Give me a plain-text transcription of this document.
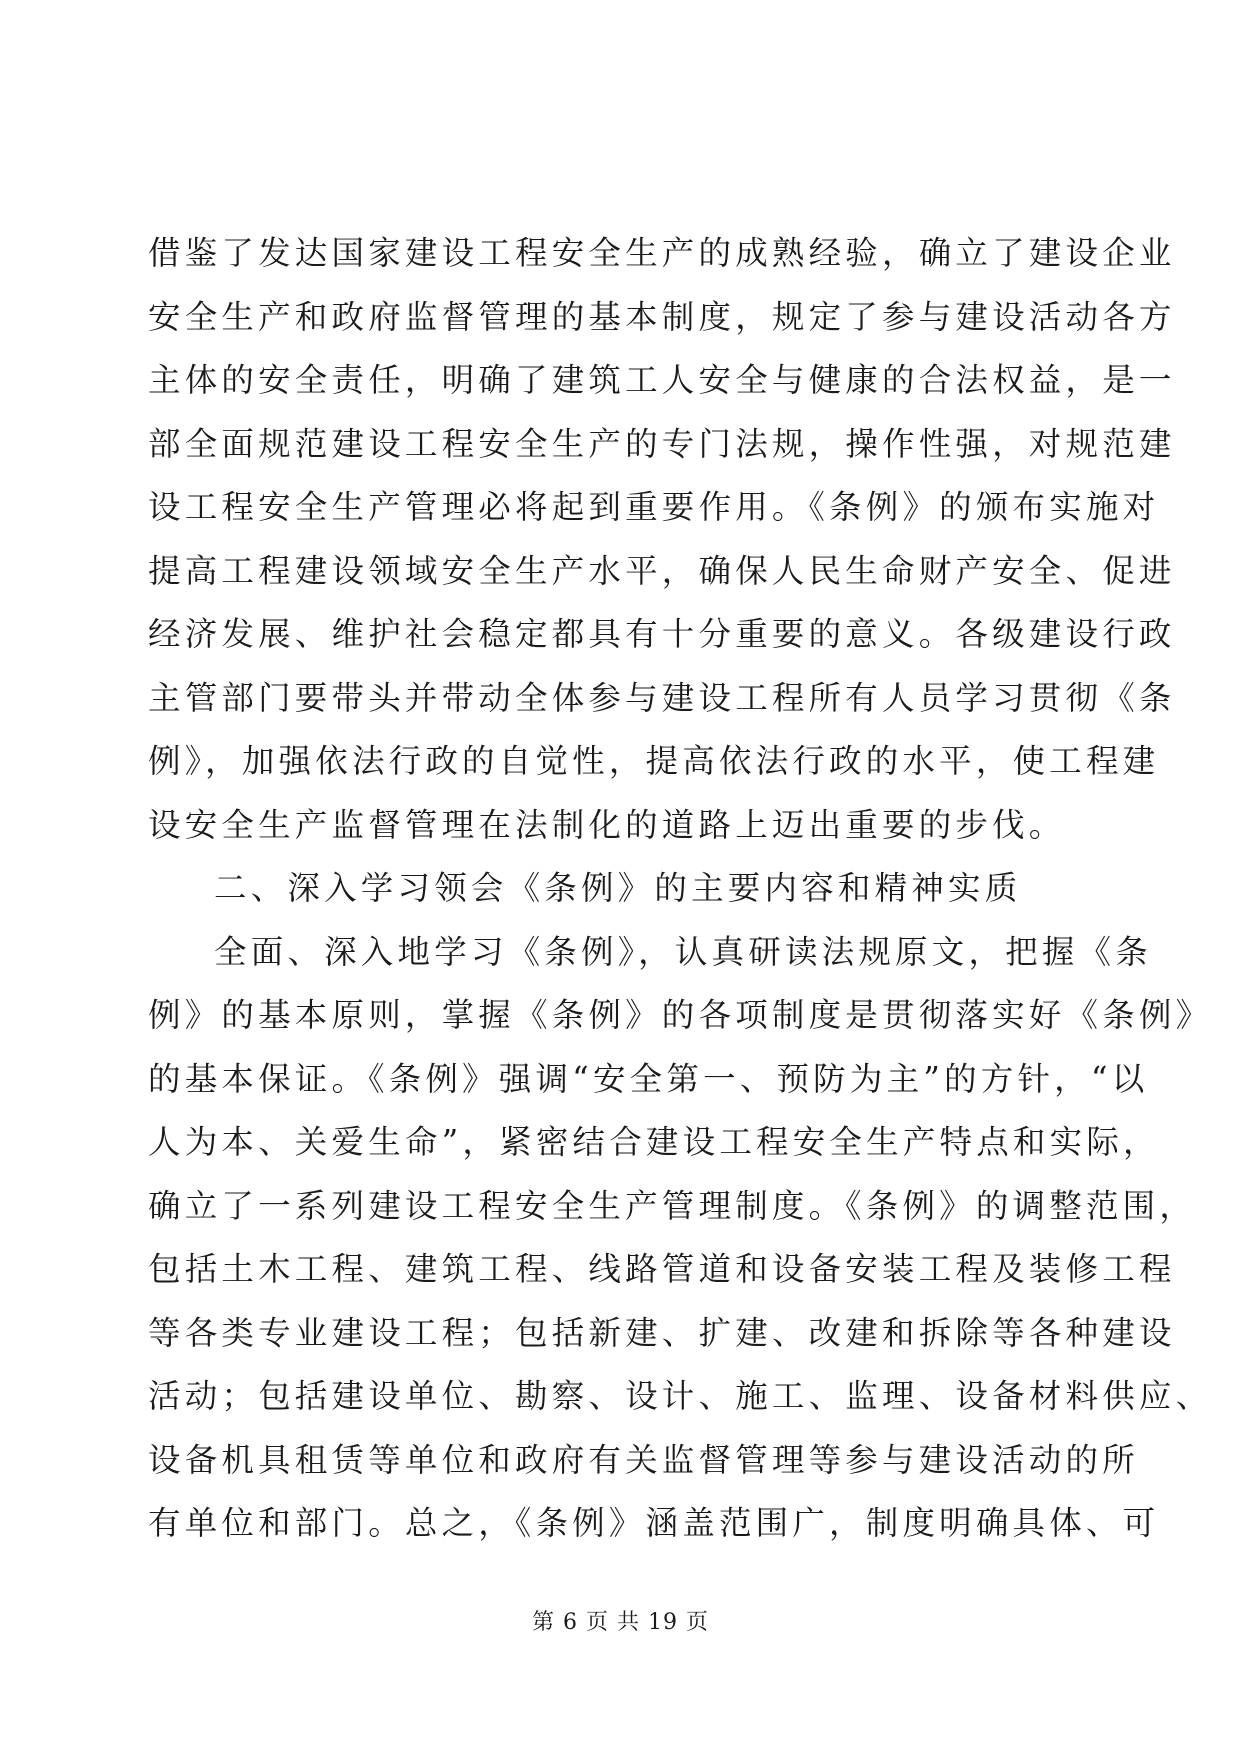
借鉴了发达国家建设工程安全生产的成熟经验，确立了建设企业
安全生产和政府监督管理的基本制度，规定了参与建设活动各方
主体的安全责任，明确了建筑工人安全与健康的合法权益，是一
部全面规范建设工程安全生产的专门法规，操作性强，对规范建
设工程安全生产管理必将起到重要作用。《条例》的颁布实施对
提高工程建设领域安全生产水平，确保人民生命财产安全、促进
经济发展、维护社会稳定都具有十分重要的意义。各级建设行政
主管部门要带头并带动全体参与建设工程所有人员学习贯彻《条
例》，加强依法行政的自觉性，提高依法行政的水平，使工程建
设安全生产监督管理在法制化的道路上迈出重要的步伐。
二、深入学习领会《条例》的主要内容和精神实质
全面、深入地学习《条例》，认真研读法规原文，把握《条
例》的基本原则，掌握《条例》的各项制度是贯彻落实好《条例》
的基本保证。《条例》强调“安全第一、预防为主”的方针，“以
人为本、关爱生命”，紧密结合建设工程安全生产特点和实际，
确立了一系列建设工程安全生产管理制度。《条例》的调整范围，
包括土木工程、建筑工程、线路管道和设备安装工程及装修工程
等各类专业建设工程；包括新建、扩建、改建和拆除等各种建设
活动；包括建设单位、勘察、设计、施工、监理、设备材料供应、
设备机具租赁等单位和政府有关监督管理等参与建设活动的所
有单位和部门。总之，《条例》涵盖范围广，制度明确具体、可
第 6 页 共 19 页
